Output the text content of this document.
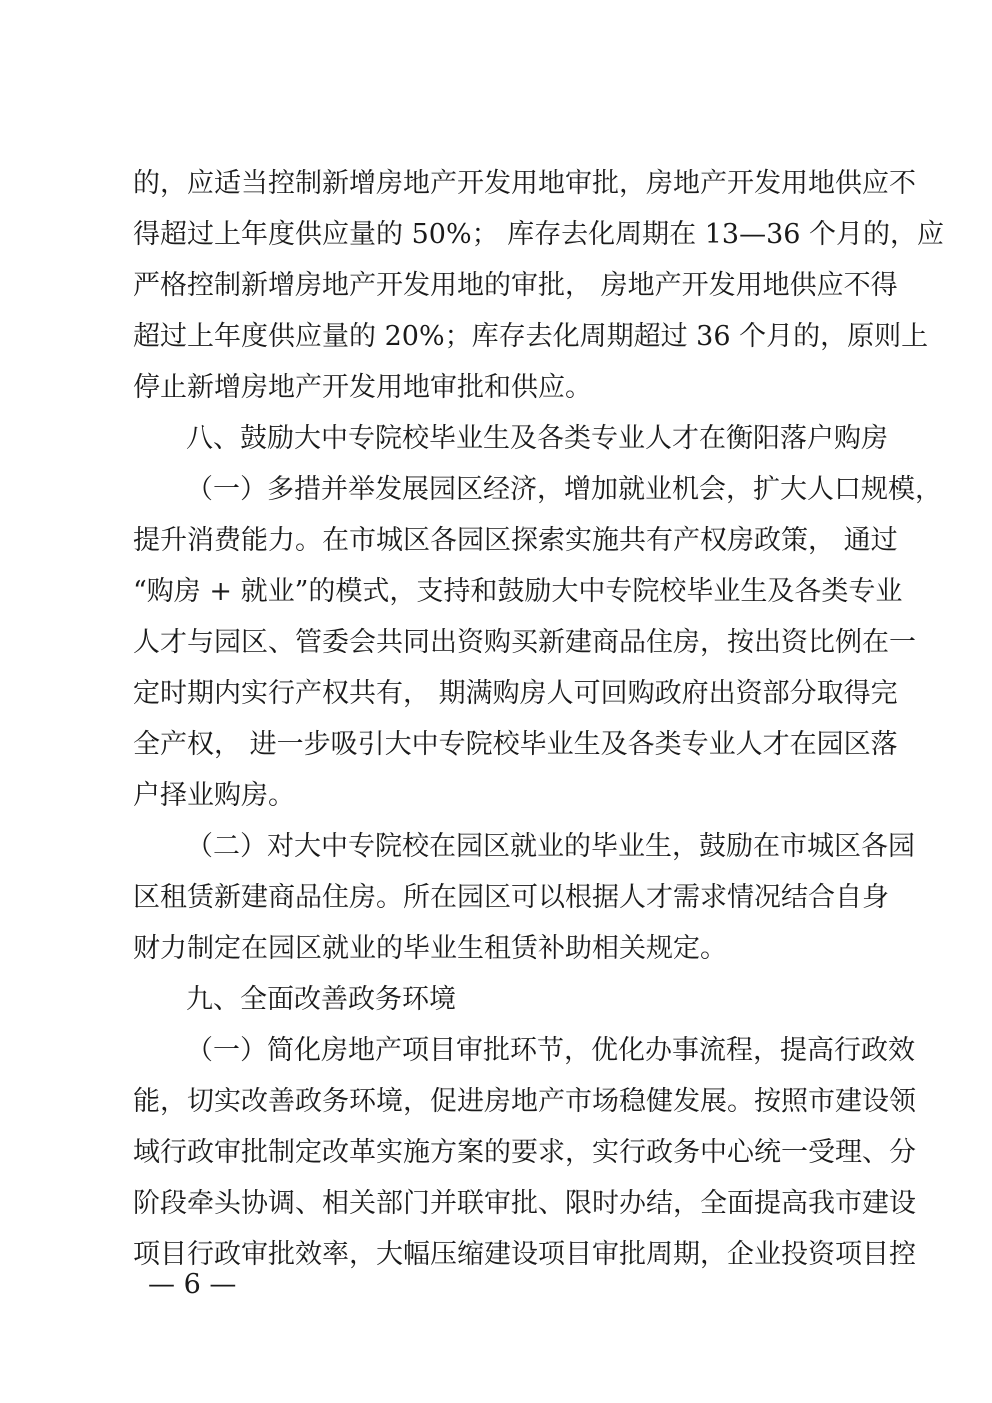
的，应适当控制新增房地产开发用地审批，房地产开发用地供应不
得超过上年度供应量的 50%； 库存去化周期在 13—36 个月的，应
严格控制新增房地产开发用地的审批， 房地产开发用地供应不得
超过上年度供应量的 20%；库存去化周期超过 36 个月的，原则上
停止新增房地产开发用地审批和供应。
八、鼓励大中专院校毕业生及各类专业人才在衡阳落户购房
（一）多措并举发展园区经济，增加就业机会，扩大人口规模，
提升消费能力。在市城区各园区探索实施共有产权房政策， 通过
“购房 + 就业”的模式，支持和鼓励大中专院校毕业生及各类专业
人才与园区、管委会共同出资购买新建商品住房，按出资比例在一
定时期内实行产权共有， 期满购房人可回购政府出资部分取得完
全产权， 进一步吸引大中专院校毕业生及各类专业人才在园区落
户择业购房。
（二）对大中专院校在园区就业的毕业生，鼓励在市城区各园
区租赁新建商品住房。所在园区可以根据人才需求情况结合自身
财力制定在园区就业的毕业生租赁补助相关规定。
九、全面改善政务环境
（一）简化房地产项目审批环节，优化办事流程，提高行政效
能，切实改善政务环境，促进房地产市场稳健发展。按照市建设领
域行政审批制定改革实施方案的要求，实行政务中心统一受理、分
阶段牵头协调、相关部门并联审批、限时办结，全面提高我市建设
项目行政审批效率，大幅压缩建设项目审批周期，企业投资项目控
— 6 —
